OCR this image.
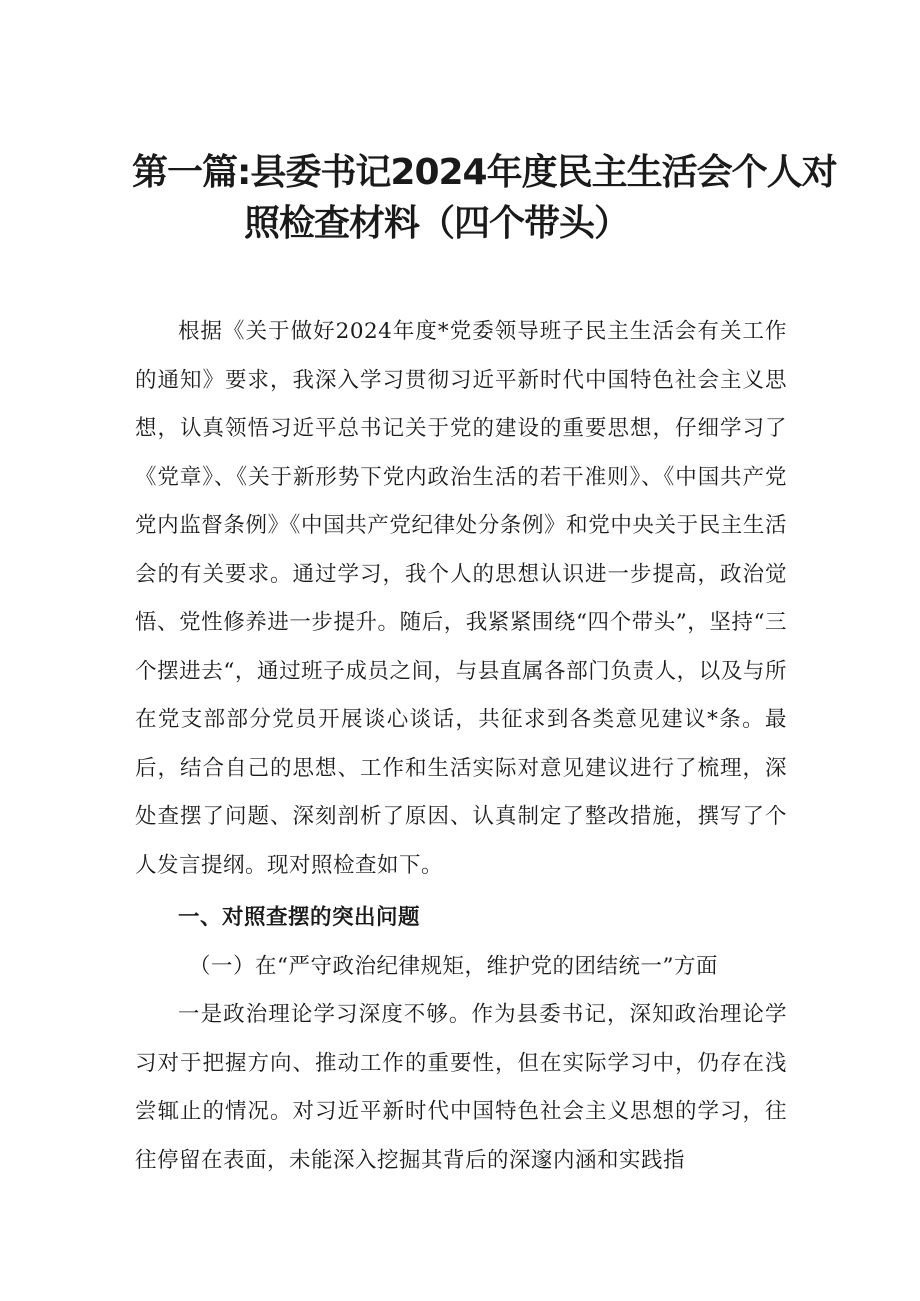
第一篇:县委书记2024年度民主生活会个人对
照检查材料（四个带头）

根据《关于做好2024年度*党委领导班子民主生活会有关工作的通知》要求，我深入学习贯彻习近平新时代中国特色社会主义思想，认真领悟习近平总书记关于党的建设的重要思想，仔细学习了《党章》、《关于新形势下党内政治生活的若干准则》、《中国共产党党内监督条例》《中国共产党纪律处分条例》和党中央关于民主生活会的有关要求。通过学习，我个人的思想认识进一步提高，政治觉悟、党性修养进一步提升。随后，我紧紧围绕“四个带头”，坚持“三个摆进去“，通过班子成员之间，与县直属各部门负责人，以及与所在党支部部分党员开展谈心谈话，共征求到各类意见建议*条。最后，结合自己的思想、工作和生活实际对意见建议进行了梳理，深处查摆了问题、深刻剖析了原因、认真制定了整改措施，撰写了个人发言提纲。现对照检查如下。

一、对照查摆的突出问题

（一）在“严守政治纪律规矩，维护党的团结统一”方面

一是政治理论学习深度不够。作为县委书记，深知政治理论学习对于把握方向、推动工作的重要性，但在实际学习中，仍存在浅尝辄止的情况。对习近平新时代中国特色社会主义思想的学习，往往停留在表面，未能深入挖掘其背后的深邃内涵和实践指
